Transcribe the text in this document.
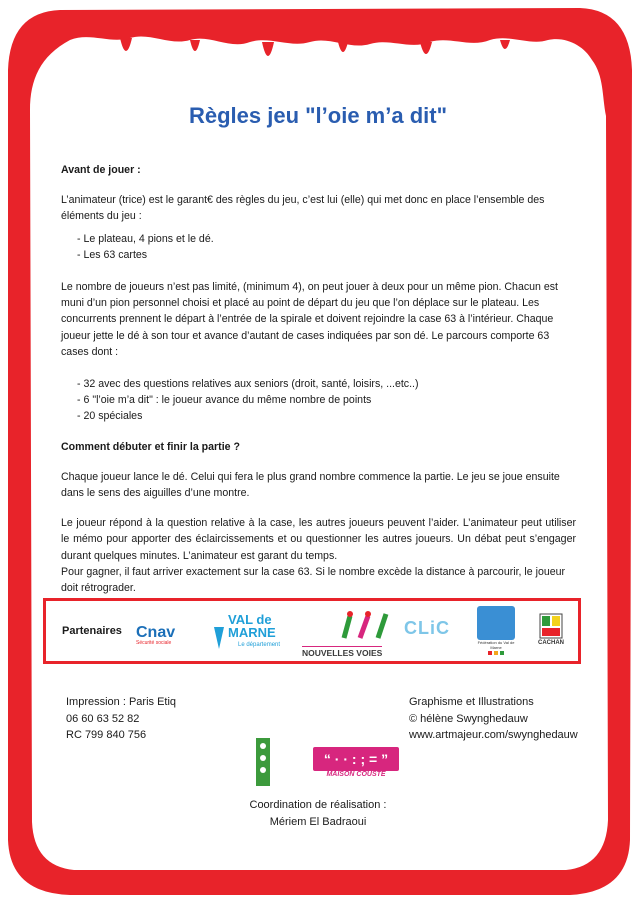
Règles jeu "l’oie m’a dit"

Avant de jouer :

L’animateur (trice) est le garant€ des règles du jeu, c’est lui (elle) qui met donc en place l’ensemble des éléments du jeu :

- Le plateau, 4 pions et le dé.
- Les 63 cartes

Le nombre de joueurs n’est pas limité, (minimum 4), on peut jouer à deux pour un même pion. Chacun est muni d’un pion personnel choisi et placé au point de départ du jeu que l’on déplace sur le plateau. Les concurrents prennent le départ à l’entrée de la spirale et doivent rejoindre la case 63 à l’intérieur. Chaque joueur jette le dé à son tour et avance d’autant de cases indiquées par son dé. Le parcours comporte 63 cases dont :

- 32 avec des questions relatives aux seniors (droit, santé, loisirs, ...etc..)
- 6 "l’oie m’a dit" : le joueur avance du même nombre de points
- 20 spéciales

Comment débuter et finir la partie ?

Chaque joueur lance le dé. Celui qui fera le plus grand nombre commence la partie. Le jeu se joue ensuite dans le sens des aiguilles d’une montre.

Le joueur répond à la question relative à la case, les autres joueurs peuvent l’aider. L’animateur peut utiliser le mémo pour apporter des éclaircissements et ou questionner les autres joueurs. Un débat peut s’engager durant quelques minutes. L’animateur est garant du temps.

Pour gagner, il faut arriver exactement sur la case 63. Si le nombre excède la distance à parcourir, le joueur doit rétrograder.

Partenaires Cnav
Sécurité sociale
VAL de
MARNE
Le département
NOUVELLES VOIES
CLiC
Fédération du Val de Marne
CACHAN
Impression : Paris Etiq
06 60 63 52 82
RC 799 840 756
Graphisme et Illustrations
© hélène Swynghedauw
www.artmajeur.com/swynghedauw
“ · · : ; = ”
MAISON COUSTÉ
Coordination de réalisation :
Mériem El Badraoui
